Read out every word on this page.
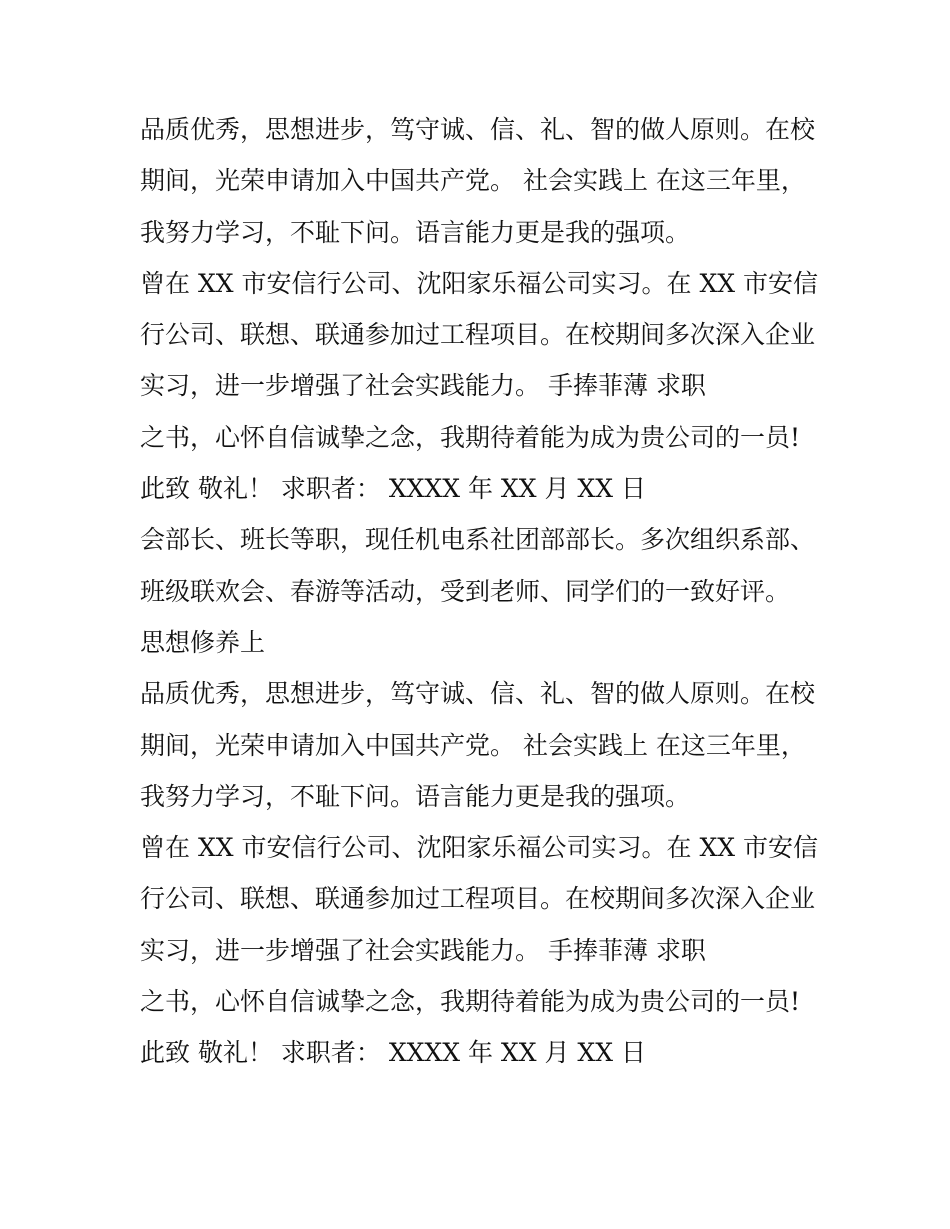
品质优秀，思想进步，笃守诚、信、礼、智的做人原则。在校
期间，光荣申请加入中国共产党。 社会实践上 在这三年里，
我努力学习，不耻下问。语言能力更是我的强项。
曾在 XX 市安信行公司、沈阳家乐福公司实习。在 XX 市安信
行公司、联想、联通参加过工程项目。在校期间多次深入企业
实习，进一步增强了社会实践能力。 手捧菲薄 求职
之书，心怀自信诚挚之念，我期待着能为成为贵公司的一员!
此致 敬礼！ 求职者： XXXX 年 XX 月 XX 日
会部长、班长等职，现任机电系社团部部长。多次组织系部、
班级联欢会、春游等活动，受到老师、同学们的一致好评。
思想修养上
品质优秀，思想进步，笃守诚、信、礼、智的做人原则。在校
期间，光荣申请加入中国共产党。 社会实践上 在这三年里，
我努力学习，不耻下问。语言能力更是我的强项。
曾在 XX 市安信行公司、沈阳家乐福公司实习。在 XX 市安信
行公司、联想、联通参加过工程项目。在校期间多次深入企业
实习，进一步增强了社会实践能力。 手捧菲薄 求职
之书，心怀自信诚挚之念，我期待着能为成为贵公司的一员!
此致 敬礼！ 求职者： XXXX 年 XX 月 XX 日
